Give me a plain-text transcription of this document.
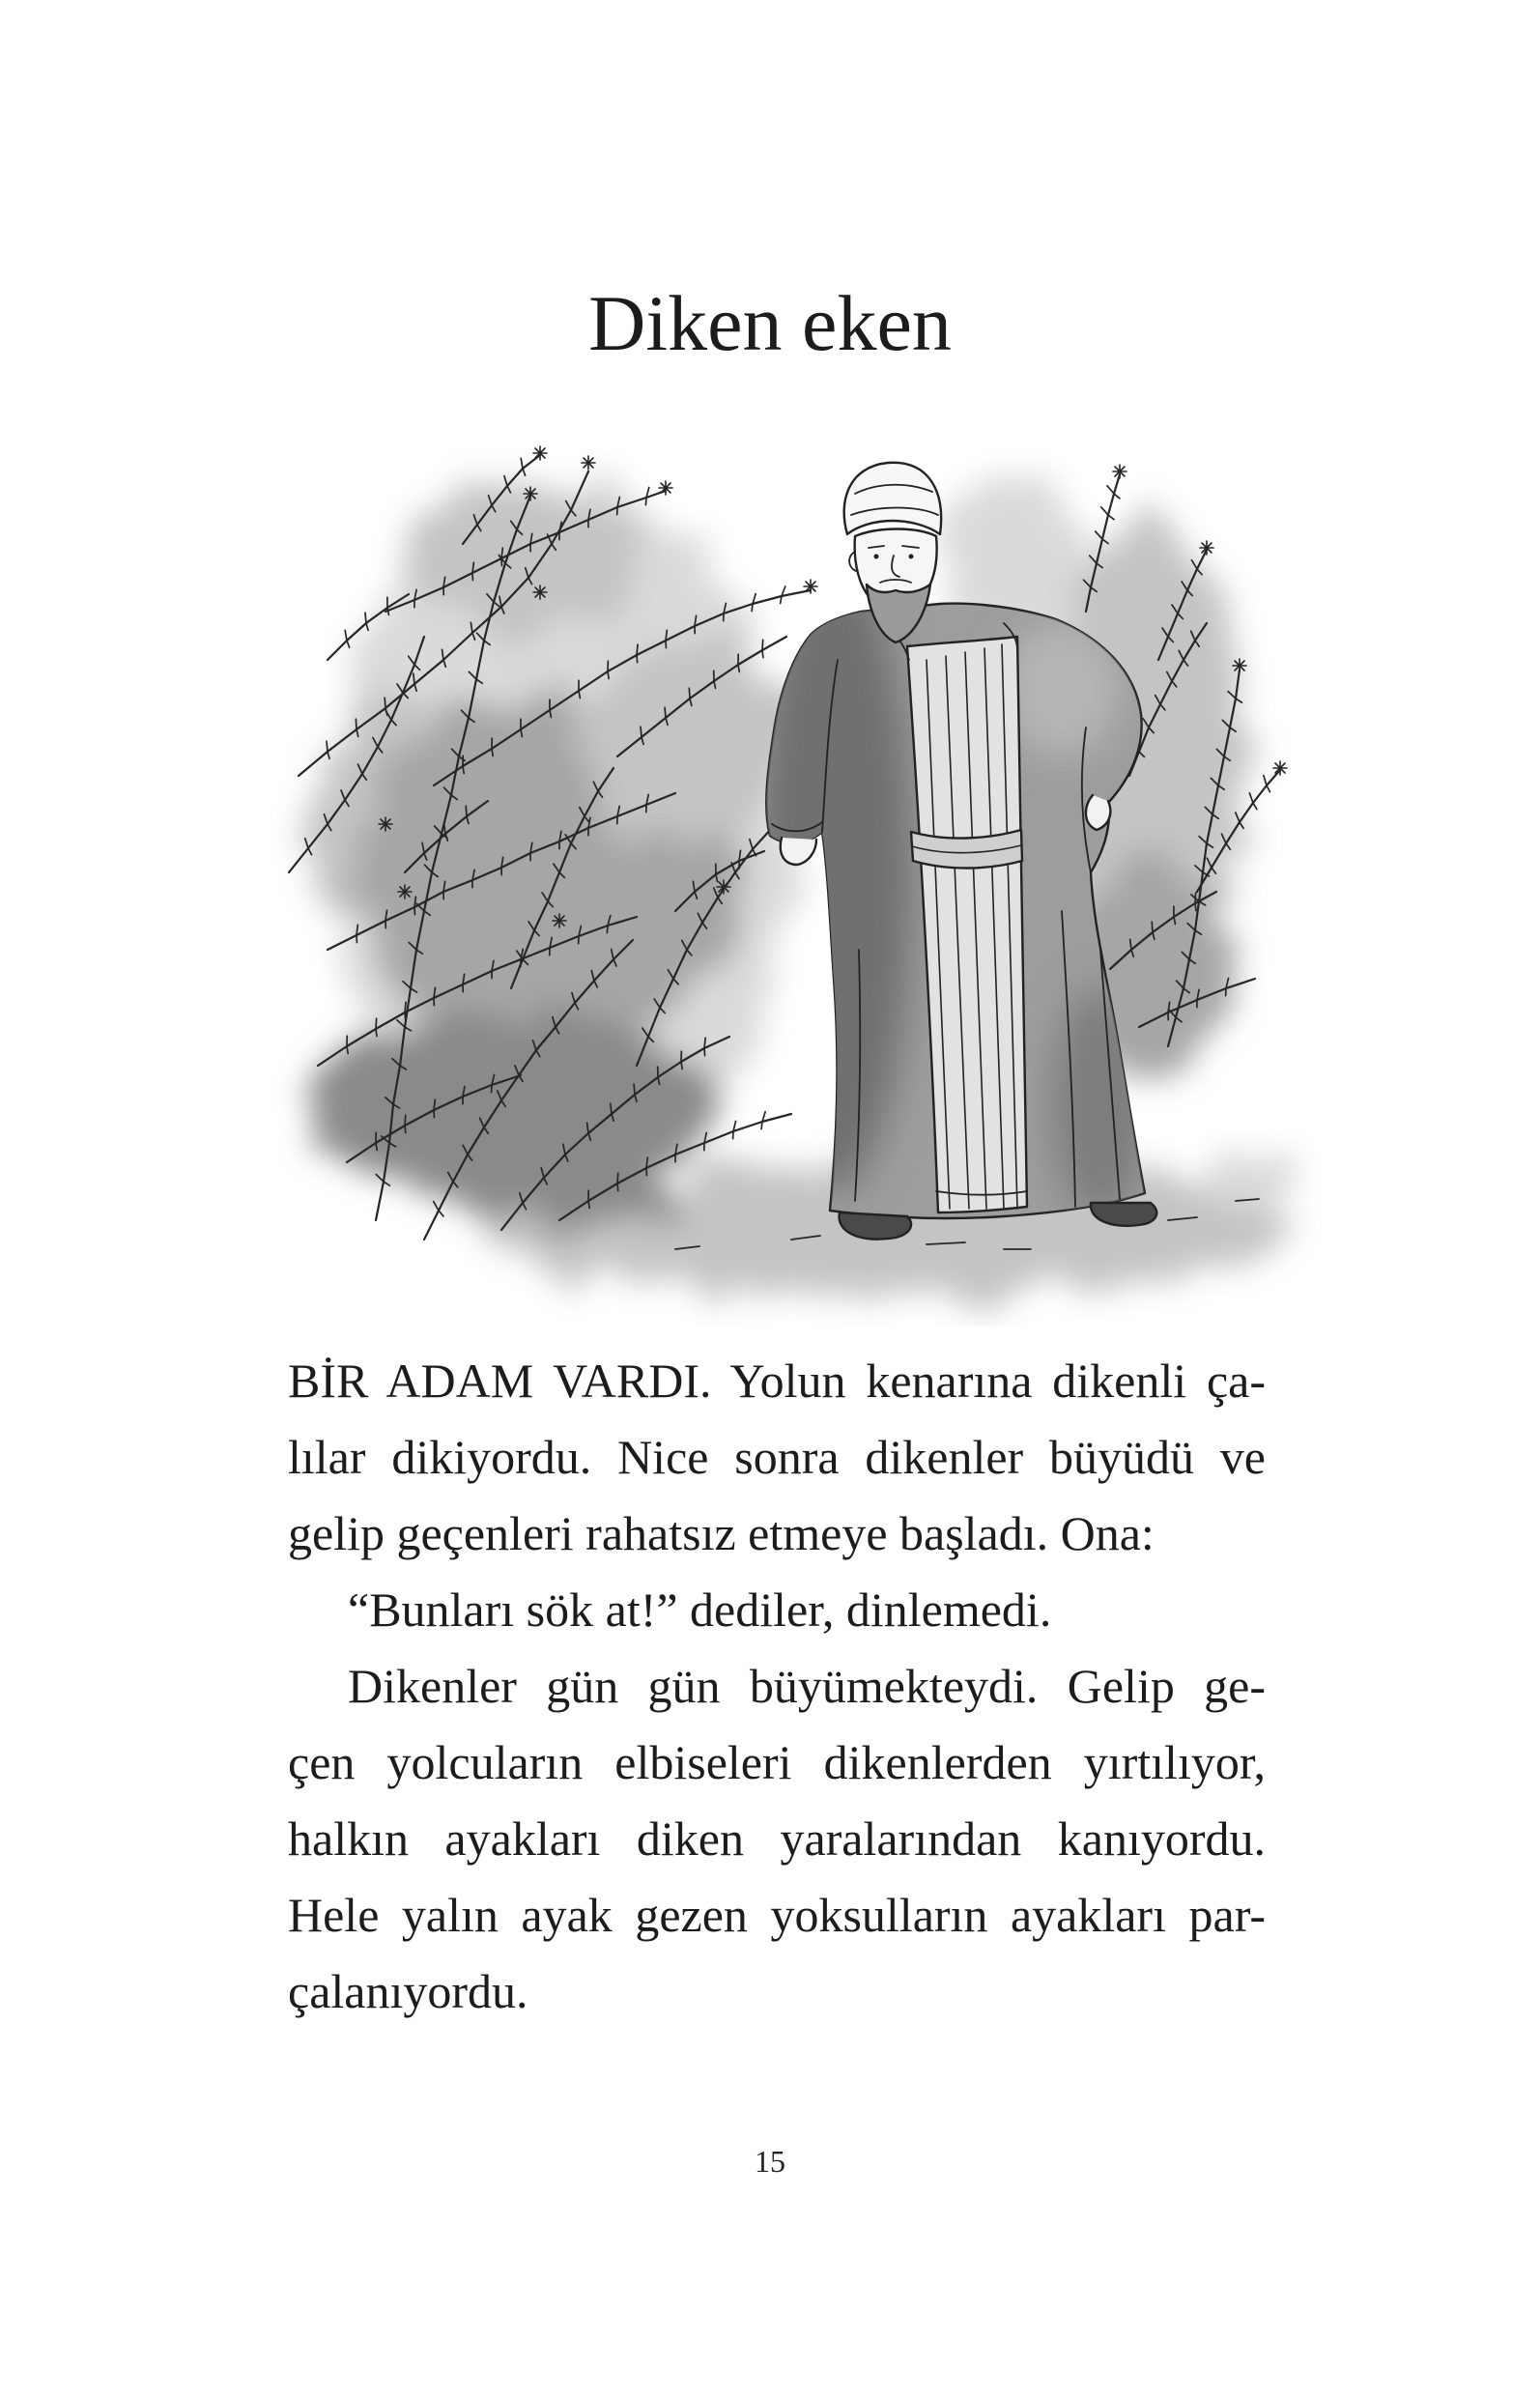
Diken eken
BİR ADAM VARDI. Yolun kenarına dikenli ça-
lılar dikiyordu. Nice sonra dikenler büyüdü ve
gelip geçenleri rahatsız etmeye başladı. Ona:
“Bunları sök at!” dediler, dinlemedi.
Dikenler gün gün büyümekteydi. Gelip ge-
çen yolcuların elbiseleri dikenlerden yırtılıyor,
halkın ayakları diken yaralarından kanıyordu.
Hele yalın ayak gezen yoksulların ayakları par-
çalanıyordu.
15
